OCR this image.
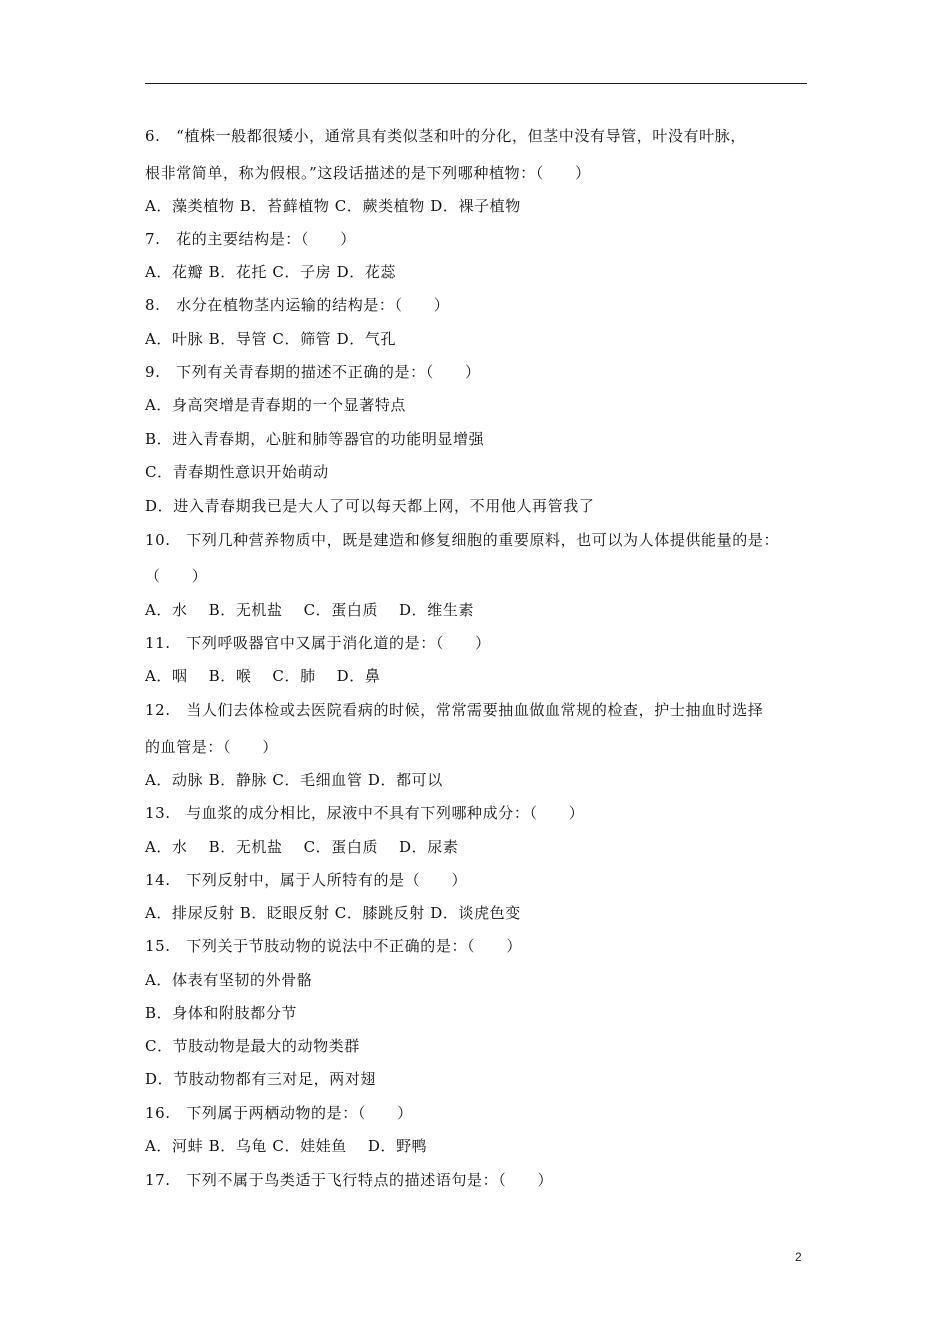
6.　“植株一般都很矮小，通常具有类似茎和叶的分化，但茎中没有导管，叶没有叶脉，
根非常简单，称为假根。”这段话描述的是下列哪种植物：（　　）
A．藻类植物 B．苔藓植物 C．蕨类植物 D．裸子植物
7.　花的主要结构是：（　　）
A．花瓣 B．花托 C．子房 D．花蕊
8.　水分在植物茎内运输的结构是：（　　）
A．叶脉 B．导管 C．筛管 D．气孔
9.　下列有关青春期的描述不正确的是：（　　）
A．身高突增是青春期的一个显著特点
B．进入青春期，心脏和肺等器官的功能明显增强
C．青春期性意识开始萌动
D．进入青春期我已是大人了可以每天都上网，不用他人再管我了
10.　下列几种营养物质中，既是建造和修复细胞的重要原料，也可以为人体提供能量的是：
（　　）
A．水　 B．无机盐　 C．蛋白质　 D．维生素
11.　下列呼吸器官中又属于消化道的是：（　　）
A．咽　 B．喉　 C．肺　 D．鼻
12.　当人们去体检或去医院看病的时候，常常需要抽血做血常规的检查，护士抽血时选择
的血管是：（　　）
A．动脉 B．静脉 C．毛细血管 D．都可以
13.　与血浆的成分相比，尿液中不具有下列哪种成分：（　　）
A．水　 B．无机盐　 C．蛋白质　 D．尿素
14.　下列反射中，属于人所特有的是（　　）
A．排尿反射 B．眨眼反射 C．膝跳反射 D．谈虎色变
15.　下列关于节肢动物的说法中不正确的是：（　　）
A．体表有坚韧的外骨骼
B．身体和附肢都分节
C．节肢动物是最大的动物类群
D．节肢动物都有三对足，两对翅
16.　下列属于两栖动物的是：（　　）
A．河蚌 B．乌龟 C．娃娃鱼　 D．野鸭
17.　下列不属于鸟类适于飞行特点的描述语句是：（　　）
2
